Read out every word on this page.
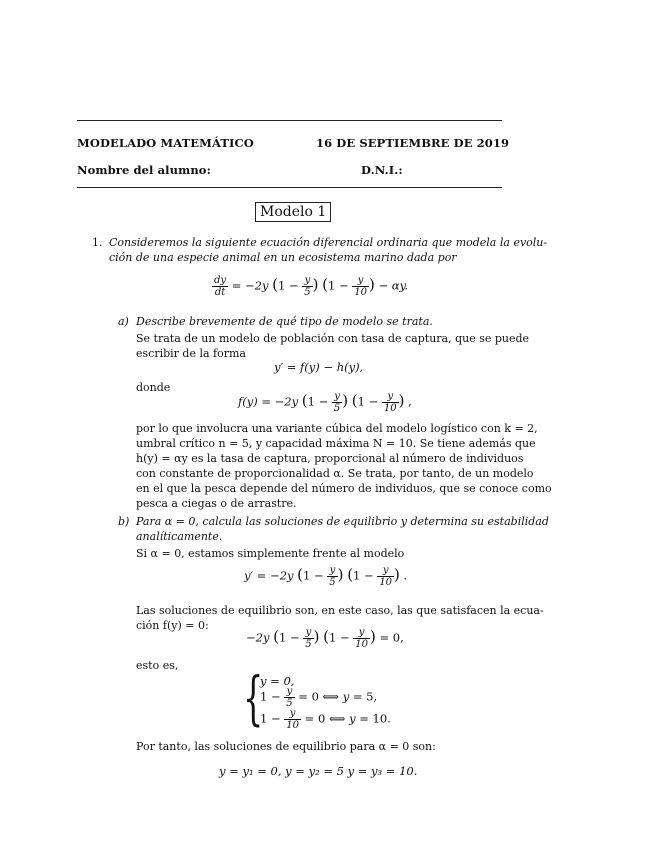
MODELADO MATEMÁTICO	16 DE SEPTIEMBRE DE 2019
Nombre del alumno:	D.N.I.:
Modelo 1
1. Consideremos la siguiente ecuación diferencial ordinaria que modela la evolu-
ción de una especie animal en un ecosistema marino dada por
$\frac{dy}{dt} = -2y$ ($1 - \frac{y}{5}$ ) ($1 - \frac{y}{10}$ ) − αy.
a) Describe brevemente de qué tipo de modelo se trata.
Se trata de un modelo de población con tasa de captura, que se puede
escribir de la forma
y′ = f(y) − h(y),
donde
f(y) = −2y ($1 - \frac{y}{5}$ ) ($1 - \frac{y}{10}$ ) ,
por lo que involucra una variante cúbica del modelo logístico con k = 2,
umbral crítico n = 5, y capacidad máxima N = 10. Se tiene además que
h(y) = αy es la tasa de captura, proporcional al número de individuos
con constante de proporcionalidad α. Se trata, por tanto, de un modelo
en el que la pesca depende del número de individuos, que se conoce como
pesca a ciegas o de arrastre.
b) Para α = 0, calcula las soluciones de equilibrio y determina su estabilidad
analíticamente.
Si α = 0, estamos simplemente frente al modelo
y′ = −2y ($1 - \frac{y}{5}$ ) ($1 - \frac{y}{10}$ ) .
Las soluciones de equilibrio son, en este caso, las que satisfacen la ecua-
ción f(y) = 0:
−2y ($1 - \frac{y}{5}$ ) ($1 - \frac{y}{10}$ ) = 0,
esto es, {
y = 0,
$1 - \frac{y}{5} = 0$ ⟺ y = 5,
$1 - \frac{y}{10} = 0$ ⟺ y = 10.
Por tanto, las soluciones de equilibrio para α = 0 son:
y = y₁ = 0, y = y₂ = 5 y = y₃ = 10.
